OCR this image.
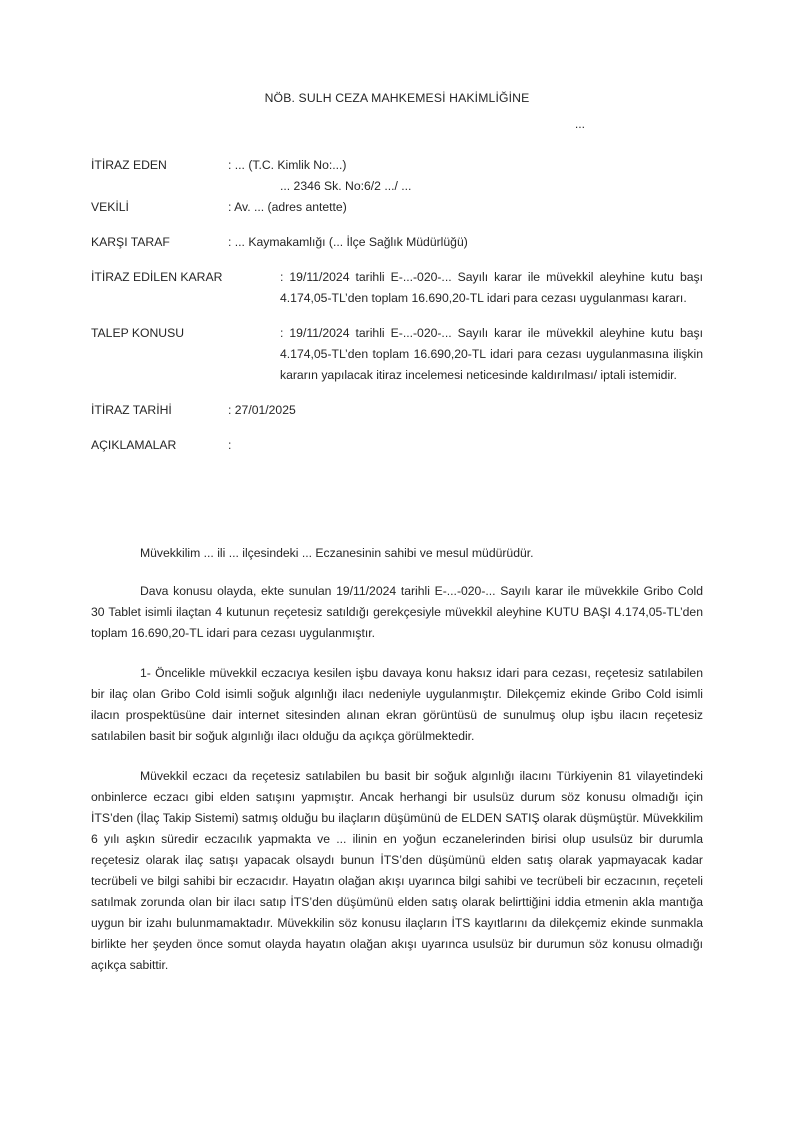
NÖB. SULH CEZA MAHKEMESİ HAKİMLİĞİNE
...
İTİRAZ EDEN	: ... (T.C. Kimlik No:...)
... 2346 Sk. No:6/2 .../ ...
VEKİLİ	: Av. ... (adres antette)
KARŞI TARAF	: ... Kaymakamlığı (... İlçe Sağlık Müdürlüğü)
İTİRAZ EDİLEN KARAR	: 19/11/2024 tarihli E-...-020-... Sayılı karar ile müvekkil aleyhine kutu başı 4.174,05-TL’den toplam 16.690,20-TL idari para cezası uygulanması kararı.
TALEP KONUSU	: 19/11/2024 tarihli E-...-020-... Sayılı karar ile müvekkil aleyhine kutu başı 4.174,05-TL’den toplam 16.690,20-TL idari para cezası uygulanmasına ilişkin kararın yapılacak itiraz incelemesi neticesinde kaldırılması/ iptali istemidir.
İTİRAZ TARİHİ	: 27/01/2025
AÇIKLAMALAR	:

Müvekkilim ... ili ... ilçesindeki ... Eczanesinin sahibi ve mesul müdürüdür.

Dava konusu olayda, ekte sunulan 19/11/2024 tarihli E-...-020-... Sayılı karar ile müvekkile Gribo Cold 30 Tablet isimli ilaçtan 4 kutunun reçetesiz satıldığı gerekçesiyle müvekkil aleyhine KUTU BAŞI 4.174,05-TL’den toplam 16.690,20-TL idari para cezası uygulanmıştır.

1- Öncelikle müvekkil eczacıya kesilen işbu davaya konu haksız idari para cezası, reçetesiz satılabilen bir ilaç olan Gribo Cold isimli soğuk algınlığı ilacı nedeniyle uygulanmıştır. Dilekçemiz ekinde Gribo Cold isimli ilacın prospektüsüne dair internet sitesinden alınan ekran görüntüsü de sunulmuş olup işbu ilacın reçetesiz satılabilen basit bir soğuk algınlığı ilacı olduğu da açıkça görülmektedir.

Müvekkil eczacı da reçetesiz satılabilen bu basit bir soğuk algınlığı ilacını Türkiyenin 81 vilayetindeki onbinlerce eczacı gibi elden satışını yapmıştır. Ancak herhangi bir usulsüz durum söz konusu olmadığı için İTS’den (İlaç Takip Sistemi) satmış olduğu bu ilaçların düşümünü de ELDEN SATIŞ olarak düşmüştür. Müvekkilim 6 yılı aşkın süredir eczacılık yapmakta ve ... ilinin en yoğun eczanelerinden birisi olup usulsüz bir durumla reçetesiz olarak ilaç satışı yapacak olsaydı bunun İTS’den düşümünü elden satış olarak yapmayacak kadar tecrübeli ve bilgi sahibi bir eczacıdır. Hayatın olağan akışı uyarınca bilgi sahibi ve tecrübeli bir eczacının, reçeteli satılmak zorunda olan bir ilacı satıp İTS’den düşümünü elden satış olarak belirttiğini iddia etmenin akla mantığa uygun bir izahı bulunmamaktadır. Müvekkilin söz konusu ilaçların İTS kayıtlarını da dilekçemiz ekinde sunmakla birlikte her şeyden önce somut olayda hayatın olağan akışı uyarınca usulsüz bir durumun söz konusu olmadığı açıkça sabittir.
